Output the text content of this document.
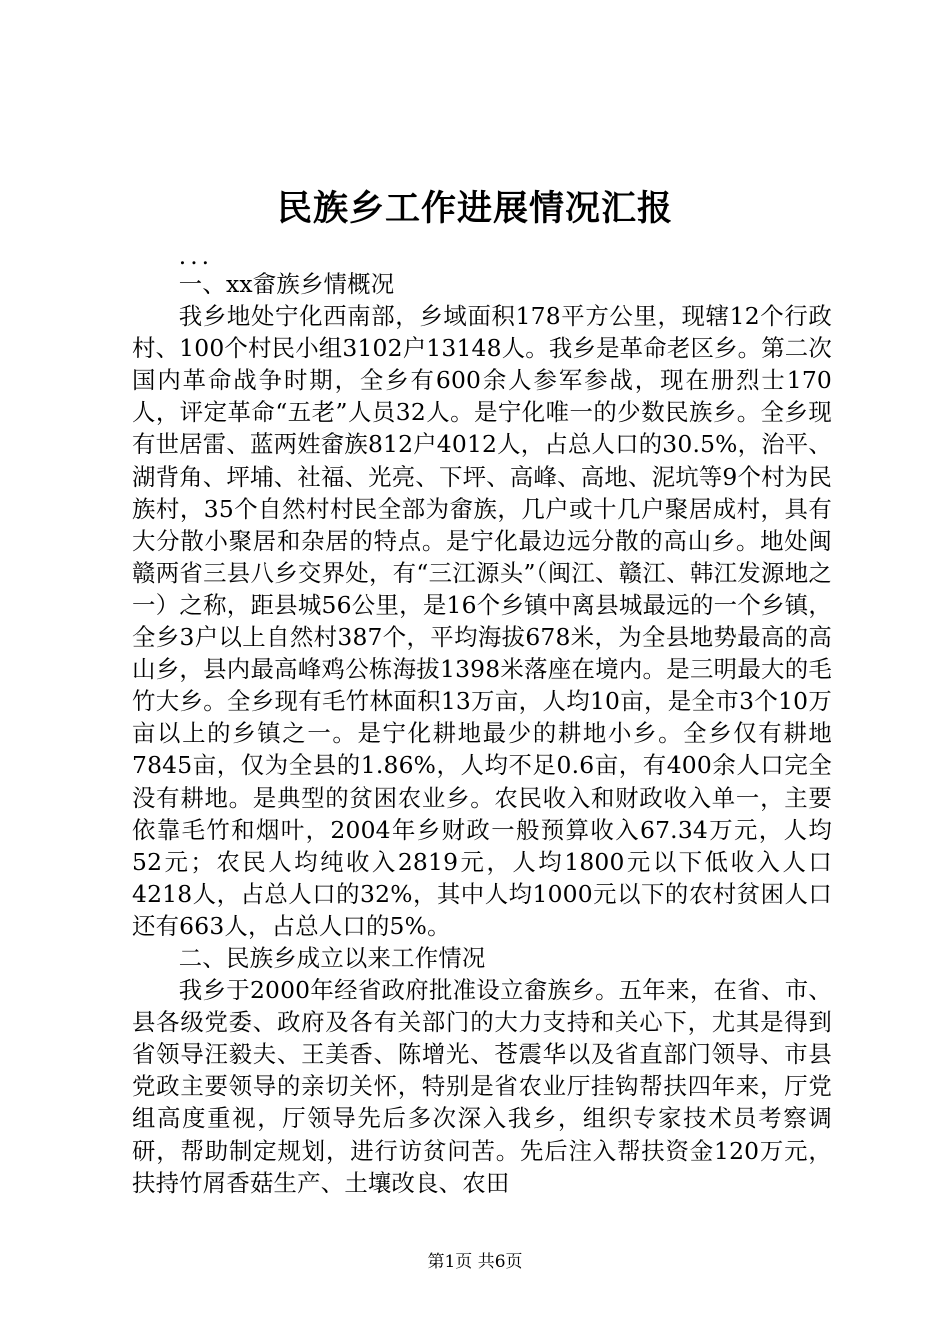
民族乡工作进展情况汇报

...

一、xx畲族乡情概况

我乡地处宁化西南部，乡域面积178平方公里，现辖12个行政村、100个村民小组3102户13148人。我乡是革命老区乡。第二次国内革命战争时期，全乡有600余人参军参战，现在册烈士170人，评定革命“五老”人员32人。是宁化唯一的少数民族乡。全乡现有世居雷、蓝两姓畲族812户4012人，占总人口的30.5%，治平、湖背角、坪埔、社福、光亮、下坪、高峰、高地、泥坑等9个村为民族村，35个自然村村民全部为畲族，几户或十几户聚居成村，具有大分散小聚居和杂居的特点。是宁化最边远分散的高山乡。地处闽赣两省三县八乡交界处，有“三江源头”（闽江、赣江、韩江发源地之一）之称，距县城56公里，是16个乡镇中离县城最远的一个乡镇，全乡3户以上自然村387个，平均海拔678米，为全县地势最高的高山乡，县内最高峰鸡公栋海拔1398米落座在境内。是三明最大的毛竹大乡。全乡现有毛竹林面积13万亩，人均10亩，是全市3个10万亩以上的乡镇之一。是宁化耕地最少的耕地小乡。全乡仅有耕地7845亩，仅为全县的1.86%，人均不足0.6亩，有400余人口完全没有耕地。是典型的贫困农业乡。农民收入和财政收入单一，主要依靠毛竹和烟叶，2004年乡财政一般预算收入67.34万元，人均52元；农民人均纯收入2819元，人均1800元以下低收入人口4218人，占总人口的32%，其中人均1000元以下的农村贫困人口还有663人，占总人口的5%。

二、民族乡成立以来工作情况

我乡于2000年经省政府批准设立畲族乡。五年来，在省、市、县各级党委、政府及各有关部门的大力支持和关心下，尤其是得到省领导汪毅夫、王美香、陈增光、苍震华以及省直部门领导、市县党政主要领导的亲切关怀，特别是省农业厅挂钩帮扶四年来，厅党组高度重视，厅领导先后多次深入我乡，组织专家技术员考察调研，帮助制定规划，进行访贫问苦。先后注入帮扶资金120万元，扶持竹屑香菇生产、土壤改良、农田

第1页 共6页
